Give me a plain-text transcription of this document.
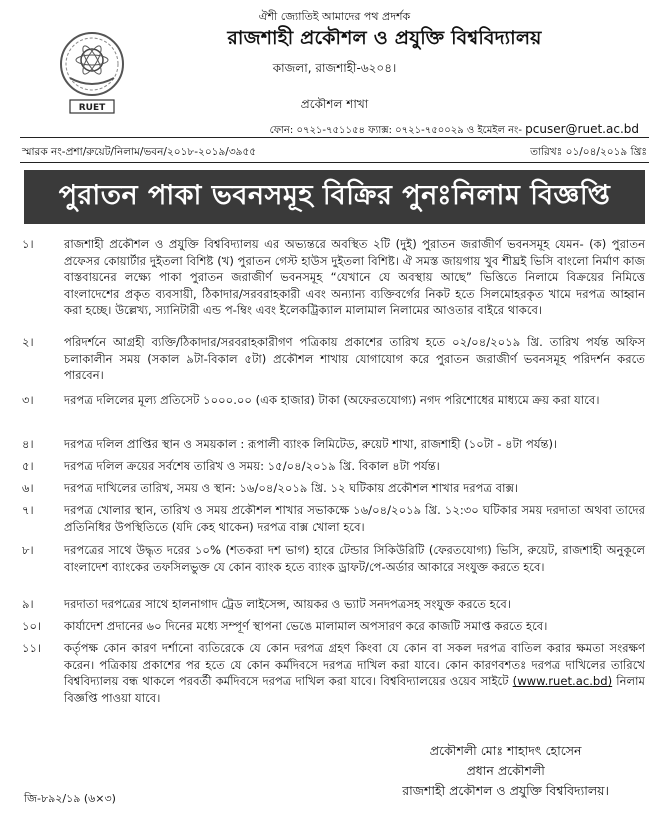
RUET
ঐশী জ্যোতিই আমাদের পথ প্রদর্শক
রাজশাহী প্রকৌশল ও প্রযুক্তি বিশ্ববিদ্যালয়
কাজলা, রাজশাহী-৬২০৪।
প্রকৌশল শাখা
ফোন: ০৭২১-৭৫১১৫৪ ফ্যাক্স: ০৭২১-৭৫০০২৯ ও ইমেইল নং- pcuser@ruet.ac.bd
স্মারক নং-প্রশা/রুয়েট/নিলাম/ভবন/২০১৮-২০১৯/৩৯৫৫	তারিখঃ ০১/০৪/২০১৯ খ্রিঃ
পুরাতন পাকা ভবনসমূহ বিক্রির পুনঃনিলাম বিজ্ঞপ্তি
১।	রাজশাহী প্রকৌশল ও প্রযুক্তি বিশ্ববিদ্যালয় এর অভ্যন্তরে অবস্থিত ২টি (দুই) পুরাতন জরাজীর্ণ ভবনসমূহ যেমন- (ক) পুরাতন প্রফেসর কোয়ার্টার দুইতলা বিশিষ্ট (খ) পুরাতন গেস্ট হাউস দুইতলা বিশিষ্ট। ঐ সমস্ত জায়গায় খুব শীঘ্রই ভিসি বাংলো নির্মাণ কাজ বাস্তবায়নের লক্ষ্যে পাকা পুরাতন জরাজীর্ণ ভবনসমূহ “যেখানে যে অবস্থায় আছে” ভিত্তিতে নিলামে বিক্রয়ের নিমিত্তে বাংলাদেশের প্রকৃত ব্যবসায়ী, ঠিকাদার/সরবরাহকারী এবং অন্যান্য ব্যক্তিবর্গের নিকট হতে সিলমোহরকৃত খামে দরপত্র আহ্বান করা হচ্ছে। উল্লেখ্য, স্যানিটারী এন্ড প-ম্বিং এবং ইলেকট্রিক্যাল মালামাল নিলামের আওতার বাইরে থাকবে।
২।	পরিদর্শনে আগ্রহী ব্যক্তি/ঠিকাদার/সরবরাহকারীগণ পত্রিকায় প্রকাশের তারিখ হতে ০২/০৪/২০১৯ খ্রি. তারিখ পর্যন্ত অফিস চলাকালীন সময় (সকাল ৯টা-বিকাল ৫টা) প্রকৌশল শাখায় যোগাযোগ করে পুরাতন জরাজীর্ণ ভবনসমূহ পরিদর্শন করতে পারবেন।
৩।	দরপত্র দলিলের মূল্য প্রতিসেট ১০০০.০০ (এক হাজার) টাকা (অফেরতযোগ্য) নগদ পরিশোধের মাধ্যমে ক্রয় করা যাবে।
৪।	দরপত্র দলিল প্রাপ্তির স্থান ও সময়কাল : রূপালী ব্যাংক লিমিটেড, রুয়েট শাখা, রাজশাহী (১০টা - ৪টা পর্যন্ত)।
৫।	দরপত্র দলিল ক্রয়ের সর্বশেষ তারিখ ও সময়: ১৫/০৪/২০১৯ খ্রি. বিকাল ৪টা পর্যন্ত।
৬।	দরপত্র দাখিলের তারিখ, সময় ও স্থান: ১৬/০৪/২০১৯ খ্রি. ১২ ঘটিকায় প্রকৌশল শাখার দরপত্র বাক্স।
৭।	দরপত্র খোলার স্থান, তারিখ ও সময় প্রকৌশল শাখার সভাকক্ষে ১৬/০৪/২০১৯ খ্রি. ১২:৩০ ঘটিকার সময় দরদাতা অথবা তাদের প্রতিনিধির উপস্থিতিতে (যদি কেহ থাকেন) দরপত্র বাক্স খোলা হবে।
৮।	দরপত্রের সাথে উদ্ধৃত দরের ১০% (শতকরা দশ ভাগ) হারে টেন্ডার সিকিউরিটি (ফেরতযোগ্য) ভিসি, রুয়েট, রাজশাহী অনুকূলে বাংলাদেশ ব্যাংকের তফসিলভুক্ত যে কোন ব্যাংক হতে ব্যাংক ড্রাফট/পে-অর্ডার আকারে সংযুক্ত করতে হবে।
৯।	দরদাতা দরপত্রের সাথে হালনাগাদ ট্রেড লাইসেন্স, আয়কর ও ভ্যাট সনদপত্রসহ সংযুক্ত করতে হবে।
১০।	কার্যাদেশ প্রদানের ৬০ দিনের মধ্যে সম্পূর্ণ স্থাপনা ভেঙে মালামাল অপসারণ করে কাজটি সমাপ্ত করতে হবে।
১১।	কর্তৃপক্ষ কোন কারণ দর্শানো ব্যতিরেকে যে কোন দরপত্র গ্রহণ কিংবা যে কোন বা সকল দরপত্র বাতিল করার ক্ষমতা সংরক্ষণ করেন। পত্রিকায় প্রকাশের পর হতে যে কোন কর্মদিবসে দরপত্র দাখিল করা যাবে। কোন কারণবশতঃ দরপত্র দাখিলের তারিখে বিশ্ববিদ্যালয় বন্ধ থাকলে পরবর্তী কর্মদিবসে দরপত্র দাখিল করা যাবে। বিশ্ববিদ্যালয়ের ওয়েব সাইটে (www.ruet.ac.bd) নিলাম বিজ্ঞপ্তি পাওয়া যাবে।
প্রকৌশলী মোঃ শাহাদৎ হোসেন
প্রধান প্রকৌশলী
রাজশাহী প্রকৌশল ও প্রযুক্তি বিশ্ববিদ্যালয়।
জি-৮৯২/১৯ (৬×৩)
